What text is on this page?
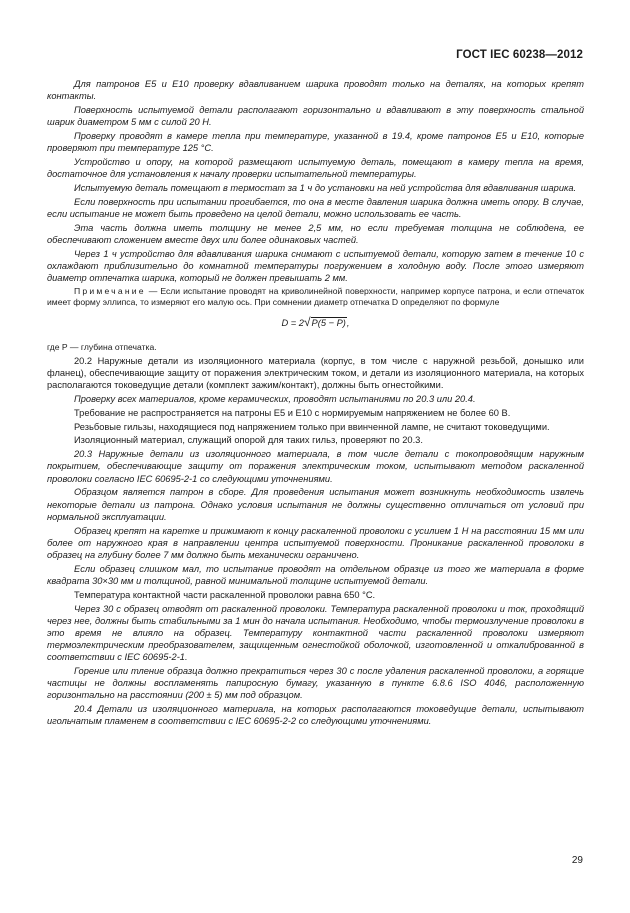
ГОСТ IEC 60238—2012

Для патронов Е5 и Е10 проверку вдавливанием шарика проводят только на деталях, на которых крепят контакты.

Поверхность испытуемой детали располагают горизонтально и вдавливают в эту поверхность стальной шарик диаметром 5 мм с силой 20 Н.

Проверку проводят в камере тепла при температуре, указанной в 19.4, кроме патронов Е5 и Е10, которые проверяют при температуре 125 °С.

Устройство и опору, на которой размещают испытуемую деталь, помещают в камеру тепла на время, достаточное для установления к началу проверки испытательной температуры.

Испытуемую деталь помещают в термостат за 1 ч до установки на ней устройства для вдавливания шарика.

Если поверхность при испытании прогибается, то она в месте давления шарика должна иметь опору. В случае, если испытание не может быть проведено на целой детали, можно использовать ее часть.

Эта часть должна иметь толщину не менее 2,5 мм, но если требуемая толщина не соблюдена, ее обеспечивают сложением вместе двух или более одинаковых частей.

Через 1 ч устройство для вдавливания шарика снимают с испытуемой детали, которую затем в течение 10 с охлаждают приблизительно до комнатной температуры погружением в холодную воду. После этого измеряют диаметр отпечатка шарика, который не должен превышать 2 мм.

Примечание — Если испытание проводят на криволинейной поверхности, например корпусе патрона, и если отпечаток имеет форму эллипса, то измеряют его малую ось. При сомнении диаметр отпечатка D определяют по формуле

D = 2√P(5 − P),

где P — глубина отпечатка.

20.2 Наружные детали из изоляционного материала (корпус, в том числе с наружной резьбой, донышко или фланец), обеспечивающие защиту от поражения электрическим током, и детали из изоляционного материала, на которых располагаются токоведущие детали (комплект зажим/контакт), должны быть огнестойкими.

Проверку всех материалов, кроме керамических, проводят испытаниями по 20.3 или 20.4.

Требование не распространяется на патроны Е5 и Е10 с нормируемым напряжением не более 60 В.

Резьбовые гильзы, находящиеся под напряжением только при ввинченной лампе, не считают токоведущими.

Изоляционный материал, служащий опорой для таких гильз, проверяют по 20.3.

20.3 Наружные детали из изоляционного материала, в том числе детали с токопроводящим наружным покрытием, обеспечивающие защиту от поражения электрическим током, испытывают методом раскаленной проволоки согласно IEC 60695-2-1 со следующими уточнениями.

Образцом является патрон в сборе. Для проведения испытания может возникнуть необходимость извлечь некоторые детали из патрона. Однако условия испытания не должны существенно отличаться от условий при нормальной эксплуатации.

Образец крепят на каретке и прижимают к концу раскаленной проволоки с усилием 1 Н на расстоянии 15 мм или более от наружного края в направлении центра испытуемой поверхности. Проникание раскаленной проволоки в образец на глубину более 7 мм должно быть механически ограничено.

Если образец слишком мал, то испытание проводят на отдельном образце из того же материала в форме квадрата 30×30 мм и толщиной, равной минимальной толщине испытуемой детали.

Температура контактной части раскаленной проволоки равна 650 °С.

Через 30 с образец отводят от раскаленной проволоки. Температура раскаленной проволоки и ток, проходящий через нее, должны быть стабильными за 1 мин до начала испытания. Необходимо, чтобы термоизлучение проволоки в это время не влияло на образец. Температуру контактной части раскаленной проволоки измеряют термоэлектрическим преобразователем, защищенным огнестойкой оболочкой, изготовленной и откалиброванной в соответствии с IEC 60695-2-1.

Горение или тление образца должно прекратиться через 30 с после удаления раскаленной проволоки, а горящие частицы не должны воспламенять папиросную бумагу, указанную в пункте 6.8.6 ISO 4046, расположенную горизонтально на расстоянии (200 ± 5) мм под образцом.

20.4 Детали из изоляционного материала, на которых располагаются токоведущие детали, испытывают игольчатым пламенем в соответствии с IEC 60695-2-2 со следующими уточнениями.

29
